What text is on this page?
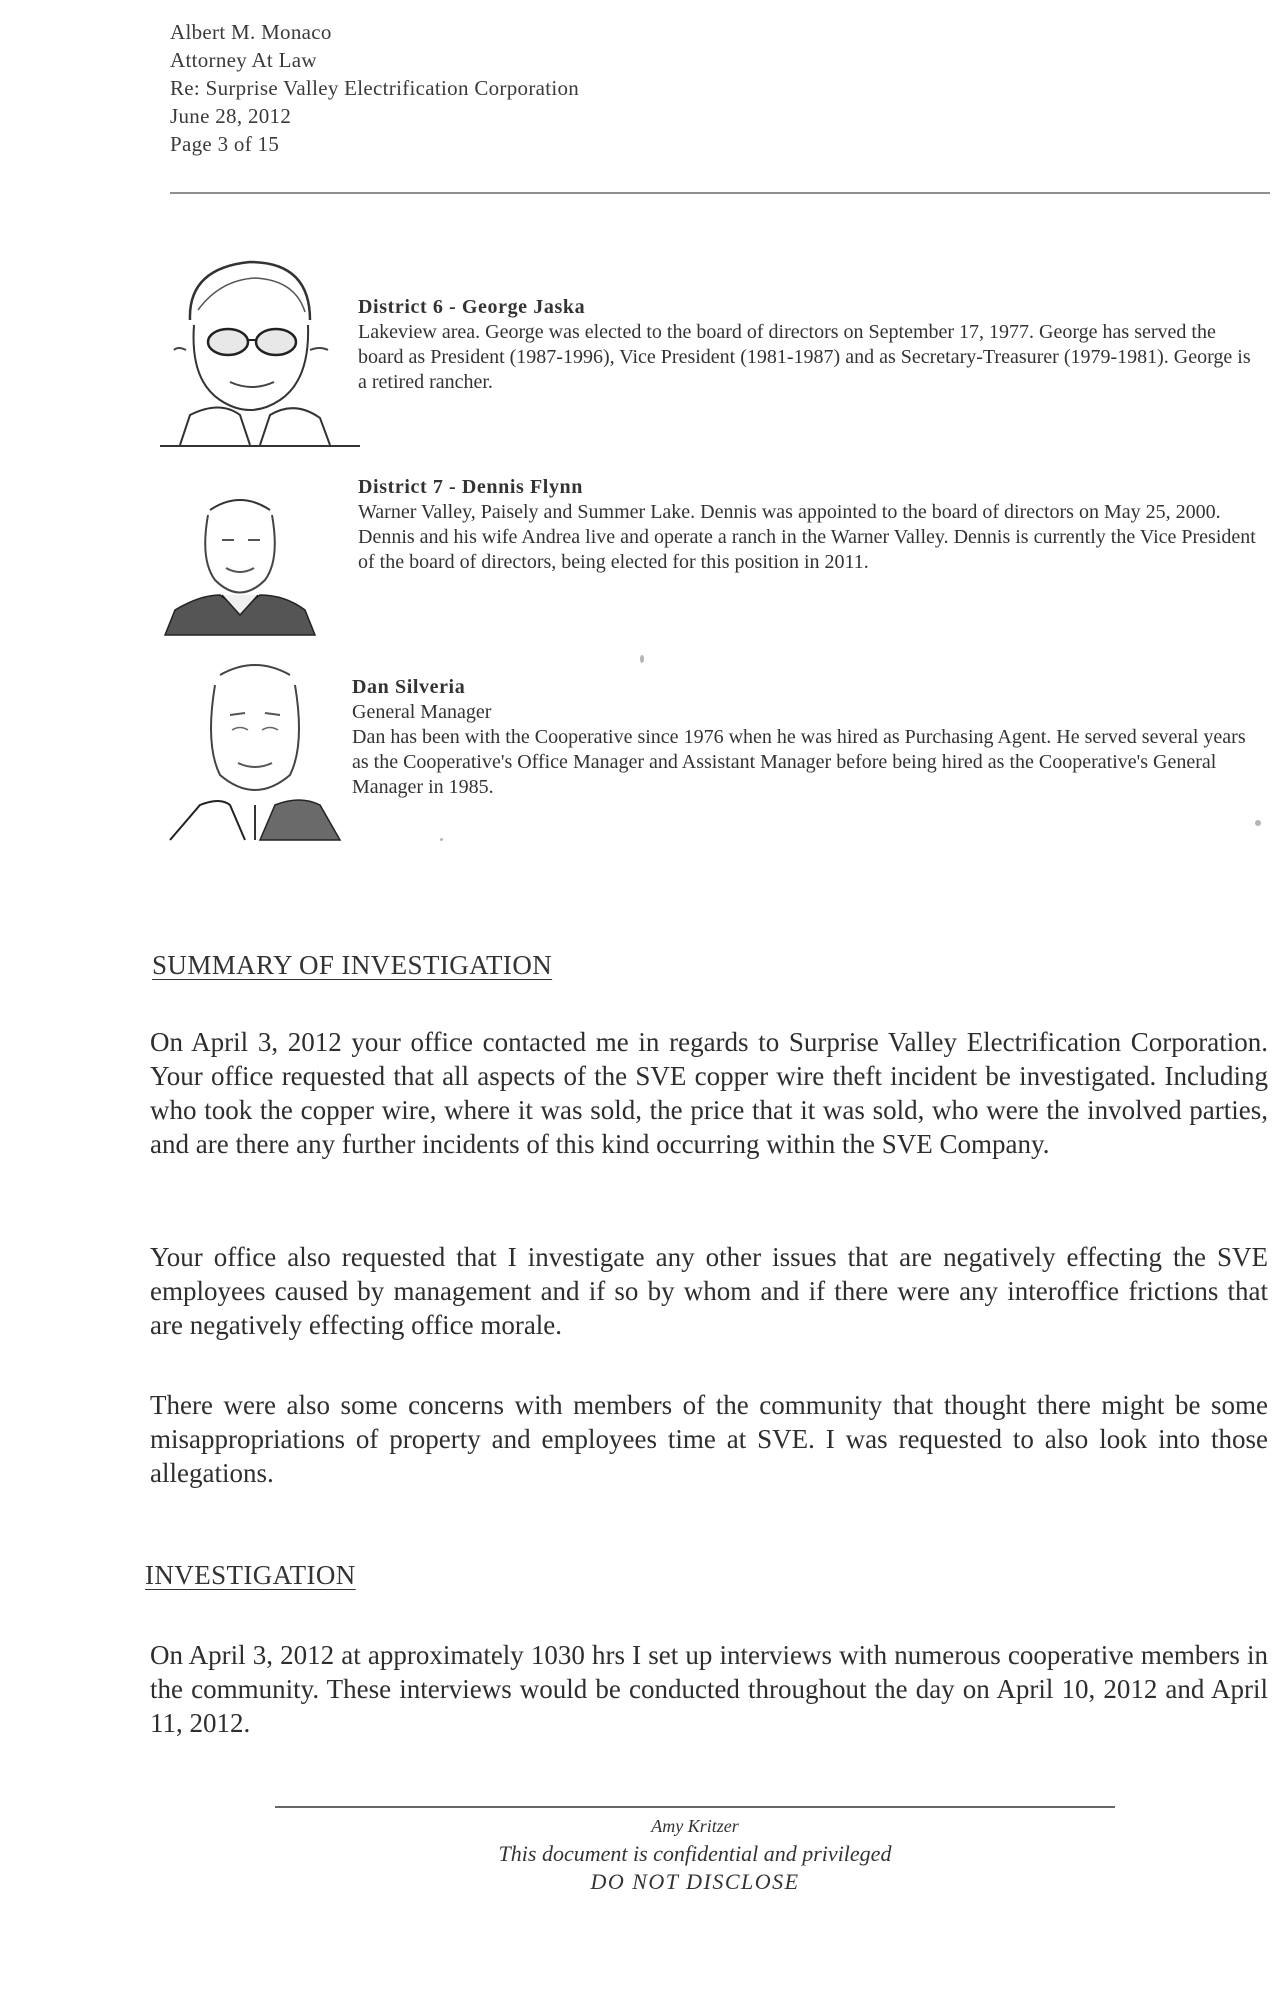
Albert M. Monaco
Attorney At Law
Re: Surprise Valley Electrification Corporation
June 28, 2012
Page 3 of 15
District 6 - George Jaska

Lakeview area. George was elected to the board of directors on September 17, 1977. George has served the board as President (1987-1996), Vice President (1981-1987) and as Secretary-Treasurer (1979-1981). George is a retired rancher.

District 7 - Dennis Flynn

Warner Valley, Paisely and Summer Lake. Dennis was appointed to the board of directors on May 25, 2000. Dennis and his wife Andrea live and operate a ranch in the Warner Valley. Dennis is currently the Vice President of the board of directors, being elected for this position in 2011.

Dan Silveria
General Manager

Dan has been with the Cooperative since 1976 when he was hired as Purchasing Agent. He served several years as the Cooperative's Office Manager and Assistant Manager before being hired as the Cooperative's General Manager in 1985.

SUMMARY OF INVESTIGATION

On April 3, 2012 your office contacted me in regards to Surprise Valley Electrification Corporation. Your office requested that all aspects of the SVE copper wire theft incident be investigated. Including who took the copper wire, where it was sold, the price that it was sold, who were the involved parties, and are there any further incidents of this kind occurring within the SVE Company.

Your office also requested that I investigate any other issues that are negatively effecting the SVE employees caused by management and if so by whom and if there were any interoffice frictions that are negatively effecting office morale.

There were also some concerns with members of the community that thought there might be some misappropriations of property and employees time at SVE. I was requested to also look into those allegations.

INVESTIGATION

On April 3, 2012 at approximately 1030 hrs I set up interviews with numerous cooperative members in the community. These interviews would be conducted throughout the day on April 10, 2012 and April 11, 2012.

Amy Kritzer
This document is confidential and privileged
DO NOT DISCLOSE
